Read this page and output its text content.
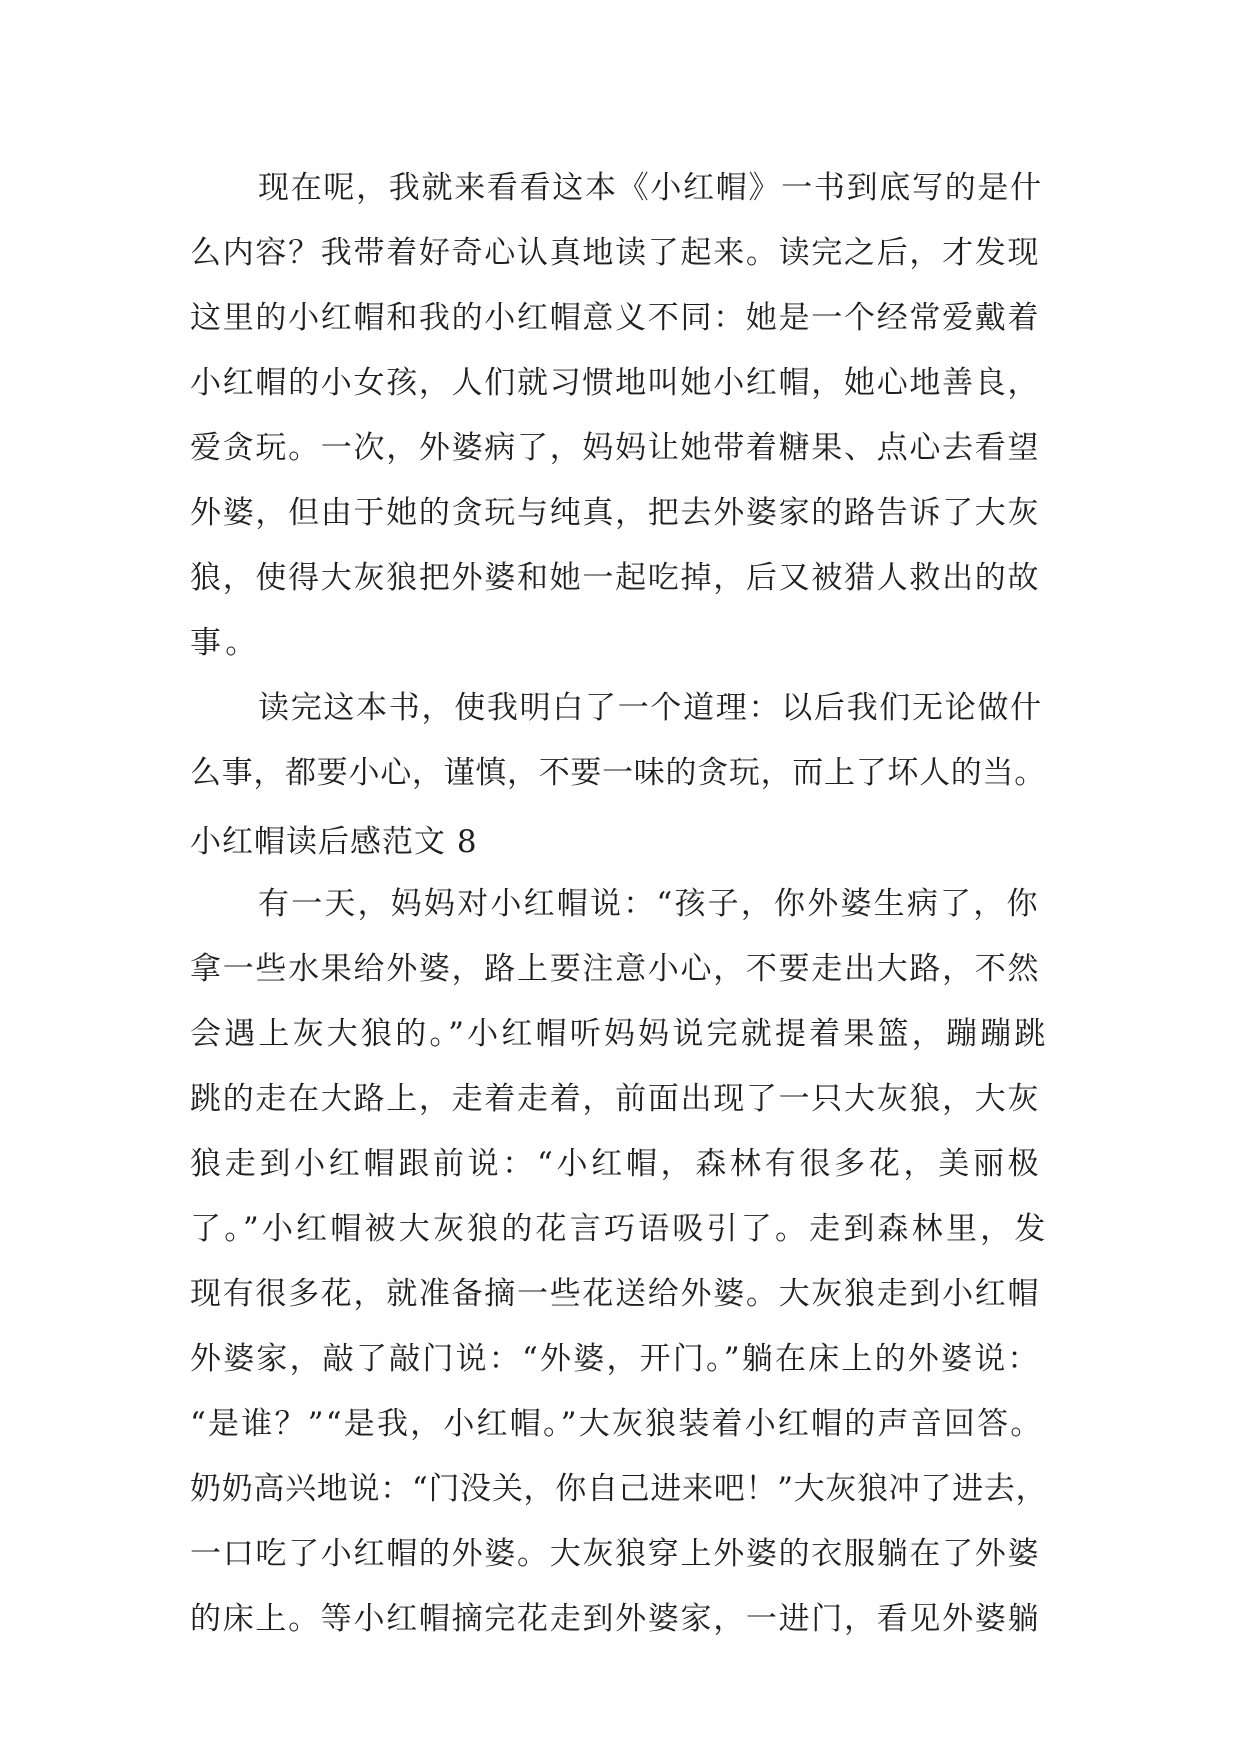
现在呢，我就来看看这本《小红帽》一书到底写的是什
么内容？我带着好奇心认真地读了起来。读完之后，才发现
这里的小红帽和我的小红帽意义不同：她是一个经常爱戴着
小红帽的小女孩，人们就习惯地叫她小红帽，她心地善良，
爱贪玩。一次，外婆病了，妈妈让她带着糖果、点心去看望
外婆，但由于她的贪玩与纯真，把去外婆家的路告诉了大灰
狼，使得大灰狼把外婆和她一起吃掉，后又被猎人救出的故
事。
读完这本书，使我明白了一个道理：以后我们无论做什
么事，都要小心，谨慎，不要一味的贪玩，而上了坏人的当。
小红帽读后感范文 8
有一天，妈妈对小红帽说：“孩子，你外婆生病了，你
拿一些水果给外婆，路上要注意小心，不要走出大路，不然
会遇上灰大狼的。”小红帽听妈妈说完就提着果篮，蹦蹦跳
跳的走在大路上，走着走着，前面出现了一只大灰狼，大灰
狼走到小红帽跟前说：“小红帽，森林有很多花，美丽极
了。”小红帽被大灰狼的花言巧语吸引了。走到森林里，发
现有很多花，就准备摘一些花送给外婆。大灰狼走到小红帽
外婆家，敲了敲门说：“外婆，开门。”躺在床上的外婆说：
“是谁？”“是我，小红帽。”大灰狼装着小红帽的声音回答。
奶奶高兴地说：“门没关，你自己进来吧！”大灰狼冲了进去，
一口吃了小红帽的外婆。大灰狼穿上外婆的衣服躺在了外婆
的床上。等小红帽摘完花走到外婆家，一进门，看见外婆躺
